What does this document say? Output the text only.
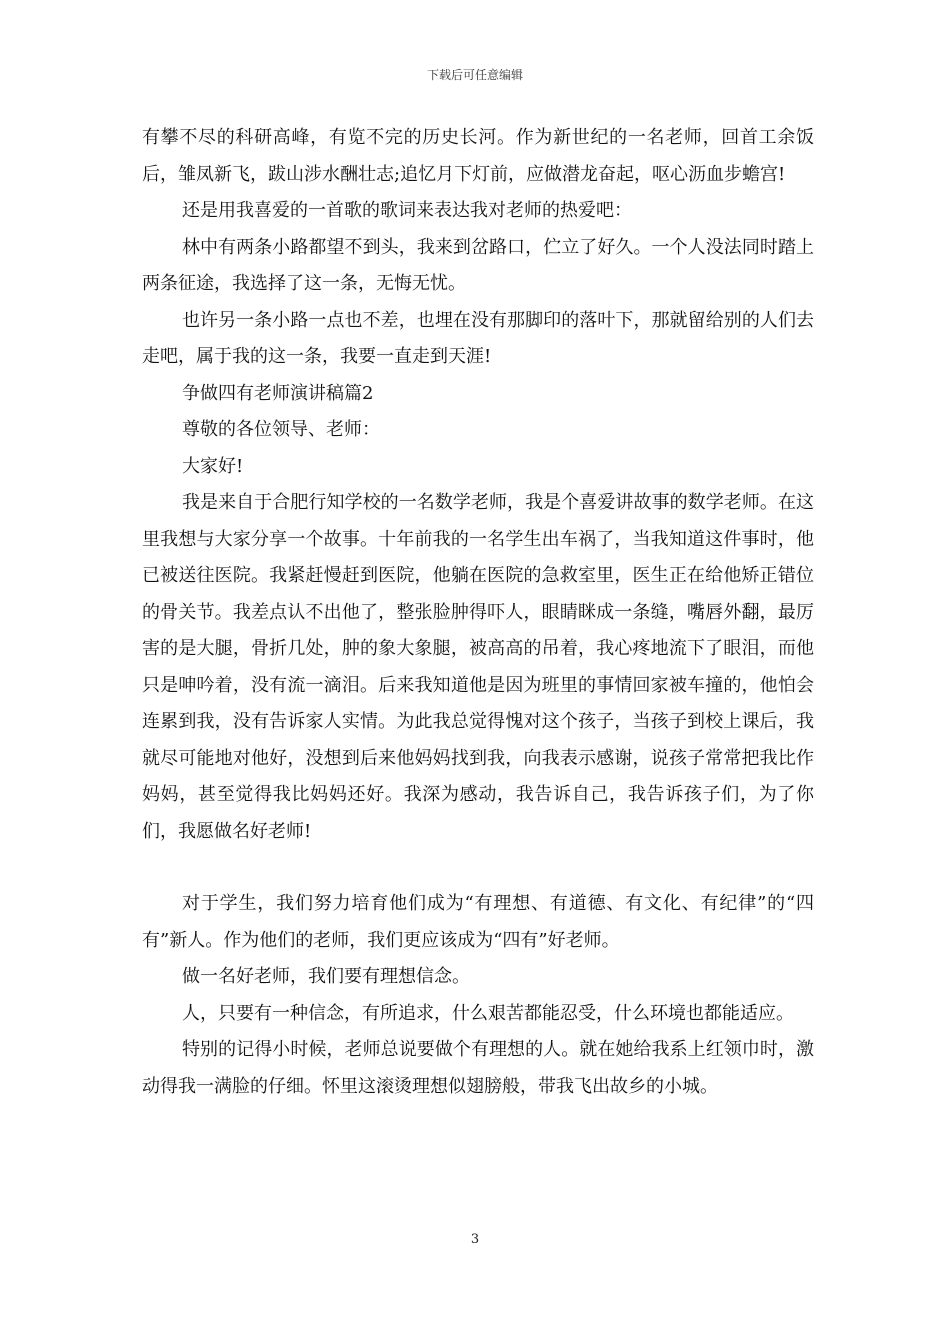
下载后可任意编辑

有攀不尽的科研高峰，有览不完的历史长河。作为新世纪的一名老师，回首工余饭后，雏凤新飞，跋山涉水酬壮志;追忆月下灯前，应做潜龙奋起，呕心沥血步蟾宫!

还是用我喜爱的一首歌的歌词来表达我对老师的热爱吧：

林中有两条小路都望不到头，我来到岔路口，伫立了好久。一个人没法同时踏上两条征途，我选择了这一条，无悔无忧。

也许另一条小路一点也不差，也埋在没有那脚印的落叶下，那就留给别的人们去走吧，属于我的这一条，我要一直走到天涯!

争做四有老师演讲稿篇2

尊敬的各位领导、老师：

大家好!

我是来自于合肥行知学校的一名数学老师，我是个喜爱讲故事的数学老师。在这里我想与大家分享一个故事。十年前我的一名学生出车祸了，当我知道这件事时，他已被送往医院。我紧赶慢赶到医院，他躺在医院的急救室里，医生正在给他矫正错位的骨关节。我差点认不出他了，整张脸肿得吓人，眼睛眯成一条缝，嘴唇外翻，最厉害的是大腿，骨折几处，肿的象大象腿，被高高的吊着，我心疼地流下了眼泪，而他只是呻吟着，没有流一滴泪。后来我知道他是因为班里的事情回家被车撞的，他怕会连累到我，没有告诉家人实情。为此我总觉得愧对这个孩子，当孩子到校上课后，我就尽可能地对他好，没想到后来他妈妈找到我，向我表示感谢，说孩子常常把我比作妈妈，甚至觉得我比妈妈还好。我深为感动，我告诉自己，我告诉孩子们，为了你们，我愿做名好老师!

对于学生，我们努力培育他们成为“有理想、有道德、有文化、有纪律”的“四有”新人。作为他们的老师，我们更应该成为“四有”好老师。

做一名好老师，我们要有理想信念。

人，只要有一种信念，有所追求，什么艰苦都能忍受，什么环境也都能适应。

特别的记得小时候，老师总说要做个有理想的人。就在她给我系上红领巾时，激动得我一满脸的仔细。怀里这滚烫理想似翅膀般，带我飞出故乡的小城。

3
